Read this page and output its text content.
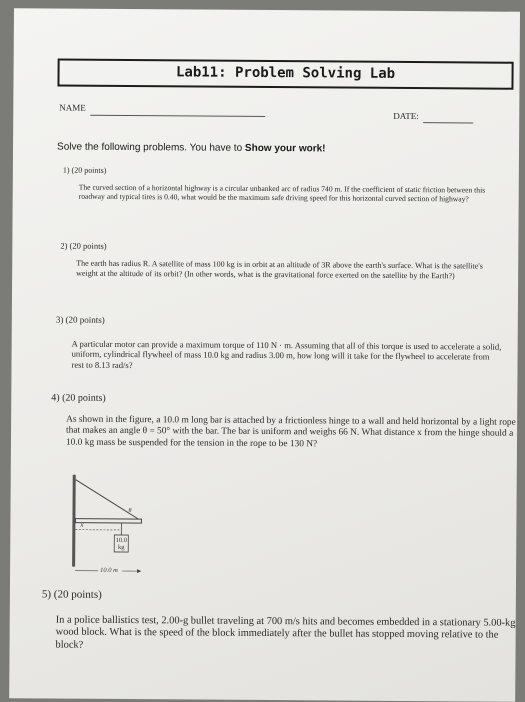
Lab11: Problem Solving Lab
NAME
DATE:
Solve the following problems. You have to Show your work!
1) (20 points)
The curved section of a horizontal highway is a circular unbanked arc of radius 740 m. If the coefficient of static friction between this roadway and typical tires is 0.40, what would be the maximum safe driving speed for this horizontal curved section of highway?
2) (20 points)
The earth has radius R. A satellite of mass 100 kg is in orbit at an altitude of 3R above the earth's surface. What is the satellite's weight at the altitude of its orbit? (In other words, what is the gravitational force exerted on the satellite by the Earth?)
3) (20 points)
A particular motor can provide a maximum torque of 110 N · m. Assuming that all of this torque is used to accelerate a solid, uniform, cylindrical flywheel of mass 10.0 kg and radius 3.00 m, how long will it take for the flywheel to accelerate from rest to 8.13 rad/s?
4) (20 points)
As shown in the figure, a 10.0 m long bar is attached by a frictionless hinge to a wall and held horizontal by a light rope that makes an angle θ = 50° with the bar. The bar is uniform and weighs 66 N. What distance x from the hinge should a 10.0 kg mass be suspended for the tension in the rope to be 130 N?
x
θ
10.0
kg
10.0 m
5) (20 points)
In a police ballistics test, 2.00-g bullet traveling at 700 m/s hits and becomes embedded in a stationary 5.00-kg wood block. What is the speed of the block immediately after the bullet has stopped moving relative to the block?
